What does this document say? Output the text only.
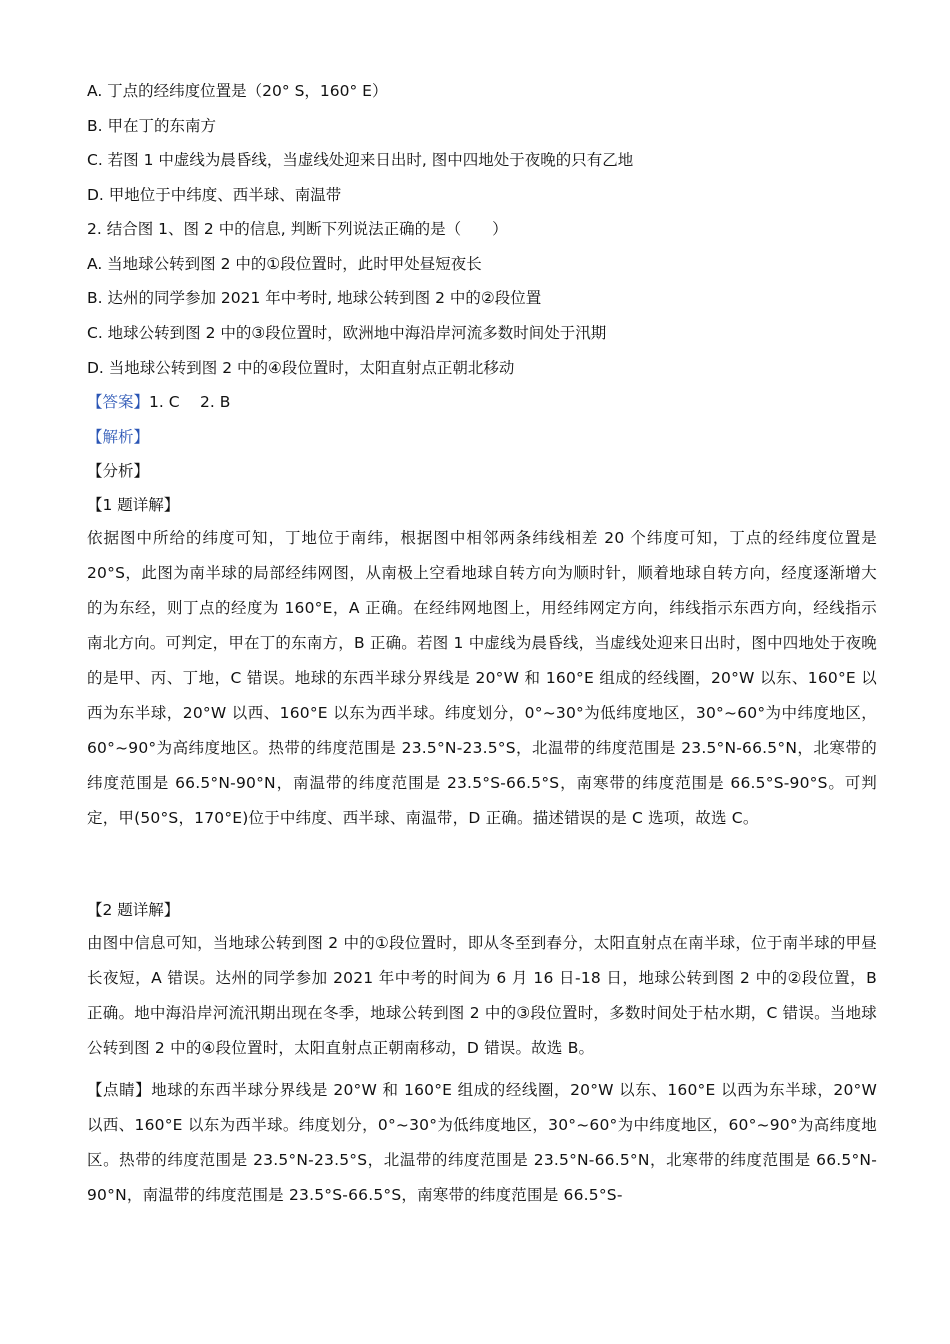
A. 丁点的经纬度位置是（20° S，160° E）
B. 甲在丁的东南方
C. 若图 1 中虚线为晨昏线，当虚线处迎来日出时, 图中四地处于夜晚的只有乙地
D. 甲地位于中纬度、西半球、南温带
2. 结合图 1、图 2 中的信息, 判断下列说法正确的是（　　）
A. 当地球公转到图 2 中的①段位置时，此时甲处昼短夜长
B. 达州的同学参加 2021 年中考时, 地球公转到图 2 中的②段位置
C. 地球公转到图 2 中的③段位置时，欧洲地中海沿岸河流多数时间处于汛期
D. 当地球公转到图 2 中的④段位置时，太阳直射点正朝北移动
【答案】1. C　 2. B
【解析】
【分析】
【1 题详解】

依据图中所给的纬度可知，丁地位于南纬，根据图中相邻两条纬线相差 20 个纬度可知，丁点的经纬度位置是 20°S，此图为南半球的局部经纬网图，从南极上空看地球自转方向为顺时针，顺着地球自转方向，经度逐渐增大的为东经，则丁点的经度为 160°E，A 正确。在经纬网地图上，用经纬网定方向，纬线指示东西方向，经线指示南北方向。可判定，甲在丁的东南方，B 正确。若图 1 中虚线为晨昏线，当虚线处迎来日出时，图中四地处于夜晚的是甲、丙、丁地，C 错误。地球的东西半球分界线是 20°W 和 160°E 组成的经线圈，20°W 以东、160°E 以西为东半球，20°W 以西、160°E 以东为西半球。纬度划分，0°~30°为低纬度地区，30°~60°为中纬度地区，60°~90°为高纬度地区。热带的纬度范围是 23.5°N-23.5°S，北温带的纬度范围是 23.5°N-66.5°N，北寒带的纬度范围是 66.5°N-90°N，南温带的纬度范围是 23.5°S-66.5°S，南寒带的纬度范围是 66.5°S-90°S。可判定，甲(50°S，170°E)位于中纬度、西半球、南温带，D 正确。描述错误的是 C 选项，故选 C。

【2 题详解】

由图中信息可知，当地球公转到图 2 中的①段位置时，即从冬至到春分，太阳直射点在南半球，位于南半球的甲昼长夜短，A 错误。达州的同学参加 2021 年中考的时间为 6 月 16 日-18 日，地球公转到图 2 中的②段位置，B 正确。地中海沿岸河流汛期出现在冬季，地球公转到图 2 中的③段位置时，多数时间处于枯水期，C 错误。当地球公转到图 2 中的④段位置时，太阳直射点正朝南移动，D 错误。故选 B。

【点睛】地球的东西半球分界线是 20°W 和 160°E 组成的经线圈，20°W 以东、160°E 以西为东半球，20°W 以西、160°E 以东为西半球。纬度划分，0°~30°为低纬度地区，30°~60°为中纬度地区，60°~90°为高纬度地区。热带的纬度范围是 23.5°N-23.5°S，北温带的纬度范围是 23.5°N-66.5°N，北寒带的纬度范围是 66.5°N-90°N，南温带的纬度范围是 23.5°S-66.5°S，南寒带的纬度范围是 66.5°S-
